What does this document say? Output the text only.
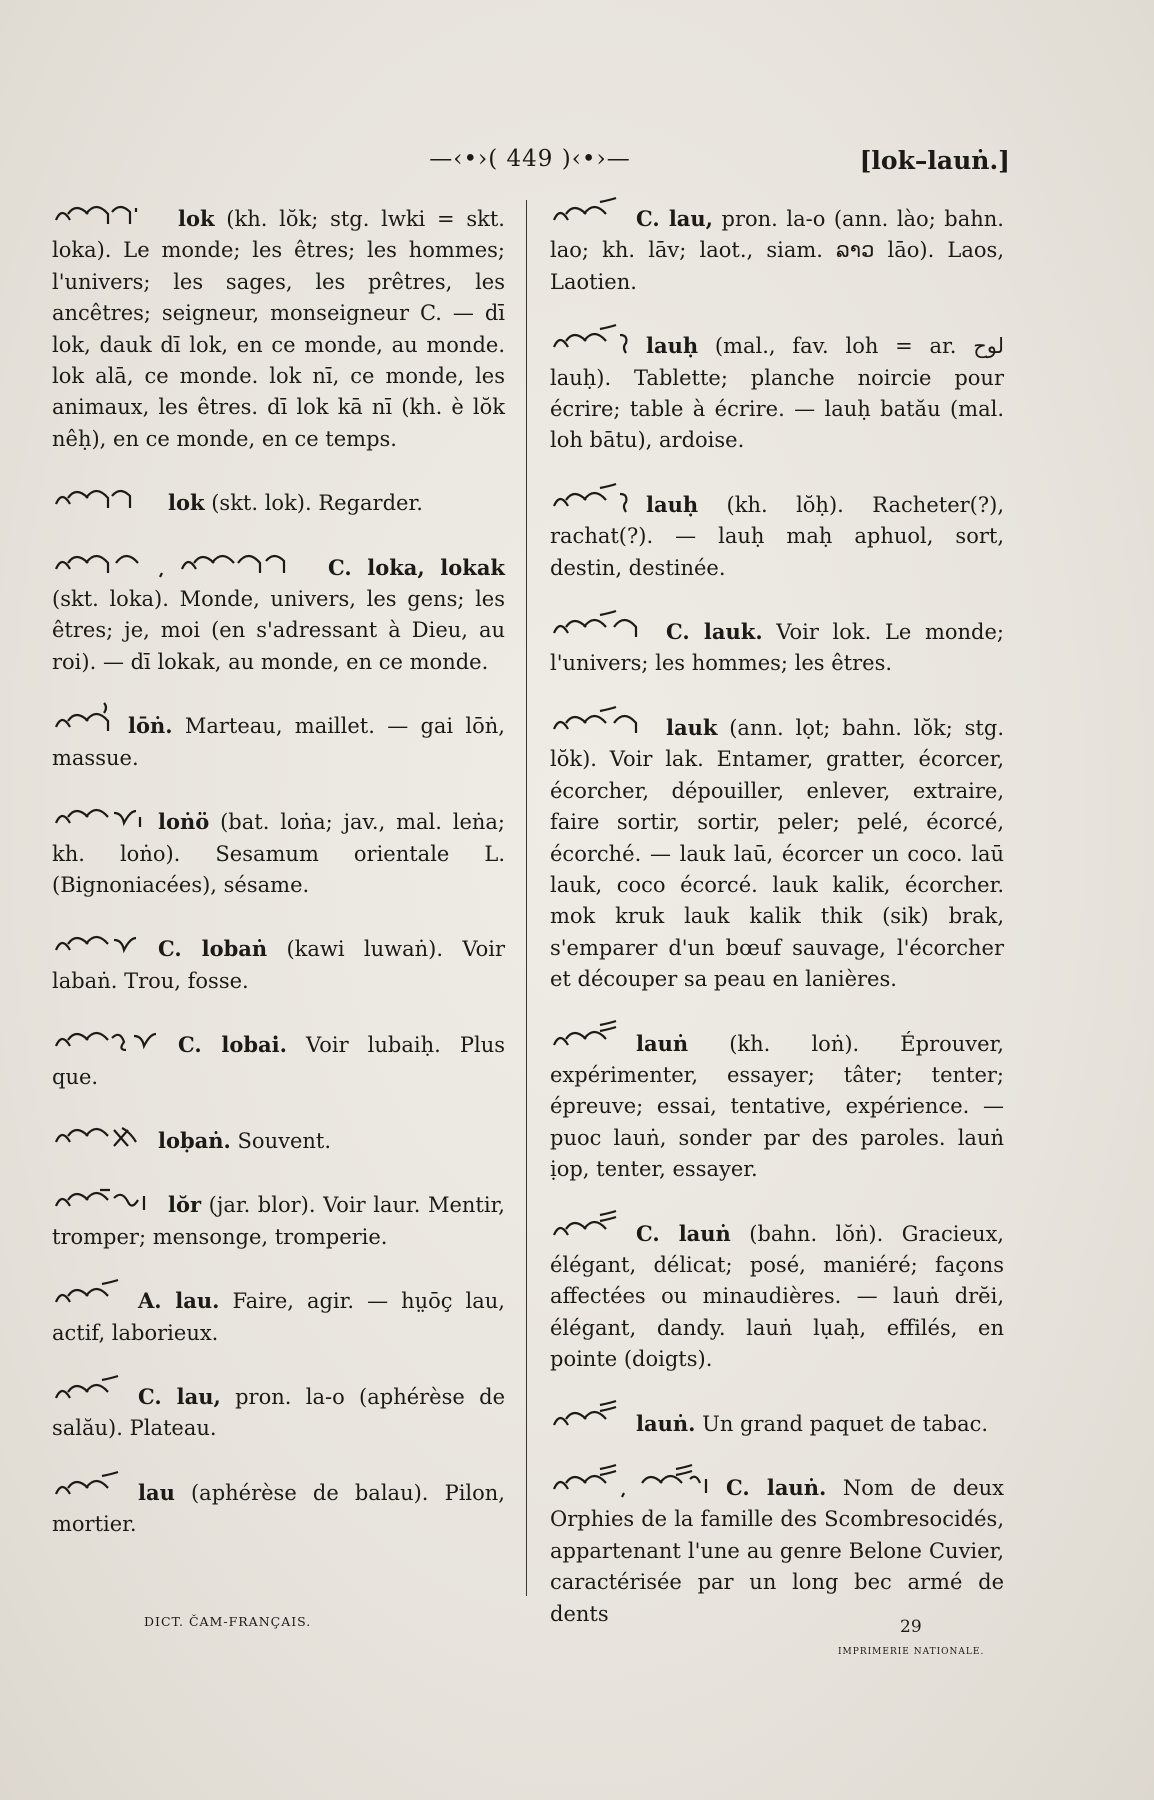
—‹•›( 449 )‹•›—	[lok–lauṅ.]

lok (kh. lŏk; stg. lwki = skt. loka). Le monde; les êtres; les hommes; l'univers; les sages, les prêtres, les ancêtres; seigneur, monseigneur C. — dī lok, dauk dī lok, en ce monde, au monde. lok alā, ce monde. lok nī, ce monde, les animaux, les êtres. dī lok kā nī (kh. è lŏk nêḥ), en ce monde, en ce temps.

lok (skt. lok). Regarder.

C. loka, lokak (skt. loka). Monde, univers, les gens; les êtres; je, moi (en s'adressant à Dieu, au roi). — dī lokak, au monde, en ce monde.

lōṅ. Marteau, maillet. — gai lōṅ, massue.

loṅö (bat. loṅa; jav., mal. leṅa; kh. loṅo). Sesamum orientale L. (Bignoniacées), sésame.

C. lobaṅ (kawi luwaṅ). Voir labaṅ. Trou, fosse.

C. lobai. Voir lubaiḥ. Plus que.

loḅaṅ. Souvent.

lŏr (jar. blor). Voir laur. Mentir, tromper; mensonge, tromperie.

A. lau. Faire, agir. — hṳōç lau, actif, laborieux.

C. lau, pron. la-o (aphérèse de salău). Plateau.

lau (aphérèse de balau). Pilon, mortier.

C. lau, pron. la-o (ann. lào; bahn. lao; kh. lāv; laot., siam. ລາວ lāo). Laos, Laotien.

lauḥ (mal., fav. loh = ar. لوح lauḥ). Tablette; planche noircie pour écrire; table à écrire. — lauḥ batău (mal. loh bātu), ardoise.

lauḥ (kh. lŏḥ). Racheter(?), rachat(?). — lauḥ maḥ aphuol, sort, destin, destinée.

C. lauk. Voir lok. Le monde; l'univers; les hommes; les êtres.

lauk (ann. lọt; bahn. lŏk; stg. lŏk). Voir lak. Entamer, gratter, écorcer, écorcher, dépouiller, enlever, extraire, faire sortir, sortir, peler; pelé, écorcé, écorché. — lauk laū, écorcer un coco. laū lauk, coco écorcé. lauk kalik, écorcher. mok kruk lauk kalik thik (sik) brak, s'emparer d'un bœuf sauvage, l'écorcher et découper sa peau en lanières.

lauṅ (kh. loṅ). Éprouver, expérimenter, essayer; tâter; tenter; épreuve; essai, tentative, expérience. — puoc lauṅ, sonder par des paroles. lauṅ ịop, tenter, essayer.

C. lauṅ (bahn. lŏṅ). Gracieux, élégant, délicat; posé, maniéré; façons affectées ou minaudières. — lauṅ drĕi, élégant, dandy. lauṅ lụaḥ, effilés, en pointe (doigts).

lauṅ. Un grand paquet de tabac.

C. lauṅ. Nom de deux Orphies de la famille des Scombresocidés, appartenant l'une au genre Belone Cuvier, caractérisée par un long bec armé de dents

DICT. ČAM-FRANÇAIS.	29
IMPRIMERIE NATIONALE.
